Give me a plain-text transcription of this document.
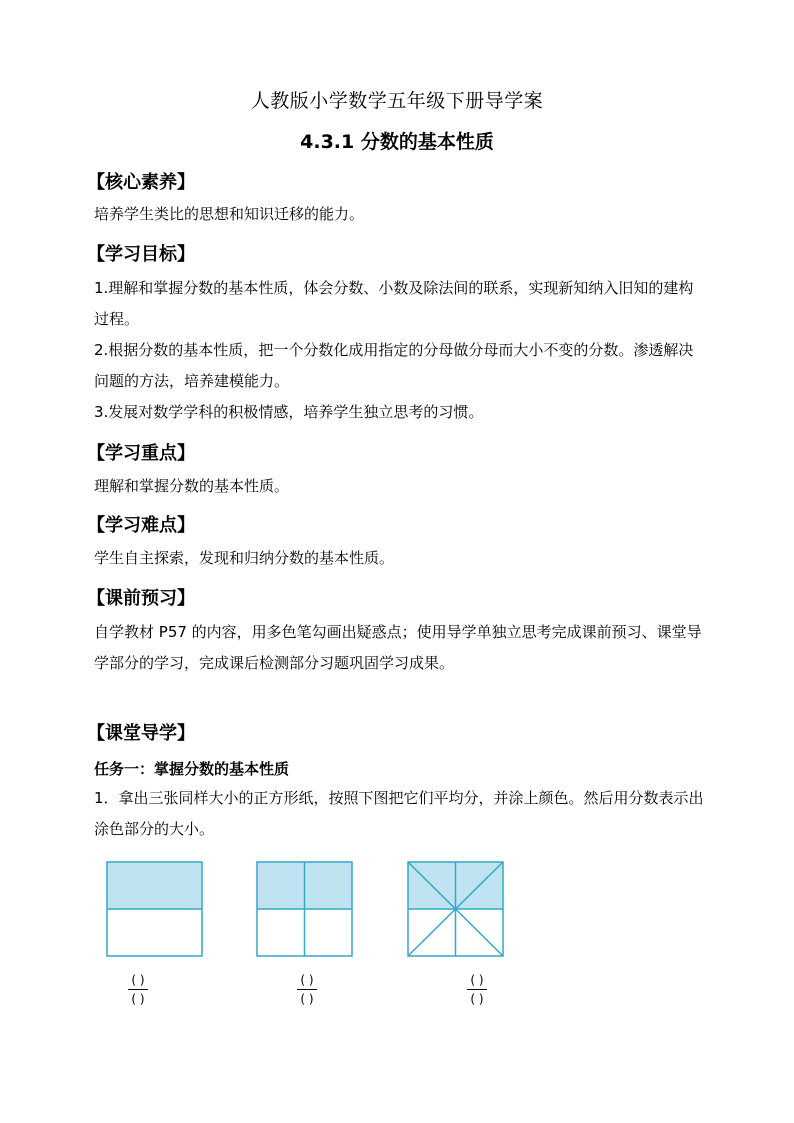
人教版小学数学五年级下册导学案
4.3.1 分数的基本性质
【核心素养】
培养学生类比的思想和知识迁移的能力。
【学习目标】
1.理解和掌握分数的基本性质，体会分数、小数及除法间的联系，实现新知纳入旧知的建构过程。
2.根据分数的基本性质，把一个分数化成用指定的分母做分母而大小不变的分数。渗透解决问题的方法，培养建模能力。
3.发展对数学学科的积极情感，培养学生独立思考的习惯。
【学习重点】
理解和掌握分数的基本性质。
【学习难点】
学生自主探索，发现和归纳分数的基本性质。
【课前预习】
自学教材 P57 的内容，用多色笔勾画出疑惑点；使用导学单独立思考完成课前预习、课堂导学部分的学习，完成课后检测部分习题巩固学习成果。
【课堂导学】
任务一：掌握分数的基本性质
1．拿出三张同样大小的正方形纸，按照下图把它们平均分，并涂上颜色。然后用分数表示出涂色部分的大小。
( )
( )
( )
( )
( )
( )
